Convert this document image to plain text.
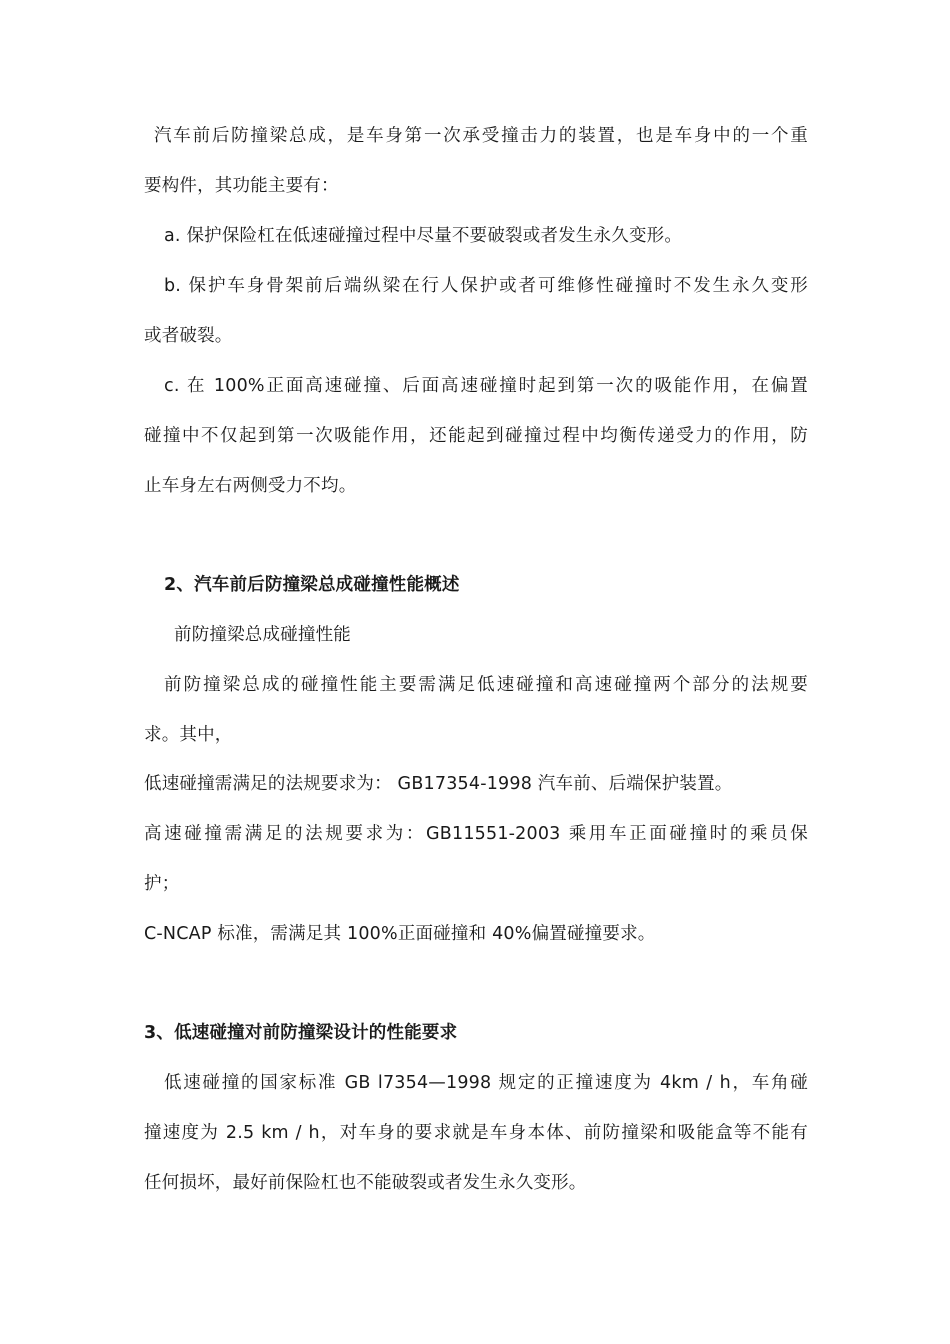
汽车前后防撞梁总成，是车身第一次承受撞击力的装置，也是车身中的一个重
要构件，其功能主要有：
a. 保护保险杠在低速碰撞过程中尽量不要破裂或者发生永久变形。
b. 保护车身骨架前后端纵梁在行人保护或者可维修性碰撞时不发生永久变形
或者破裂。
c. 在 100%正面高速碰撞、后面高速碰撞时起到第一次的吸能作用，在偏置
碰撞中不仅起到第一次吸能作用，还能起到碰撞过程中均衡传递受力的作用，防
止车身左右两侧受力不均。
2、汽车前后防撞梁总成碰撞性能概述
前防撞梁总成碰撞性能
前防撞梁总成的碰撞性能主要需满足低速碰撞和高速碰撞两个部分的法规要
求。其中，
低速碰撞需满足的法规要求为： GB17354-1998 汽车前、后端保护装置。
高速碰撞需满足的法规要求为：GB11551-2003 乘用车正面碰撞时的乘员保
护；
C-NCAP 标准，需满足其 100%正面碰撞和 40%偏置碰撞要求。
3、低速碰撞对前防撞梁设计的性能要求
低速碰撞的国家标准 GB l7354—1998 规定的正撞速度为 4km / h，车角碰
撞速度为 2.5 km / h，对车身的要求就是车身本体、前防撞梁和吸能盒等不能有
任何损坏，最好前保险杠也不能破裂或者发生永久变形。
